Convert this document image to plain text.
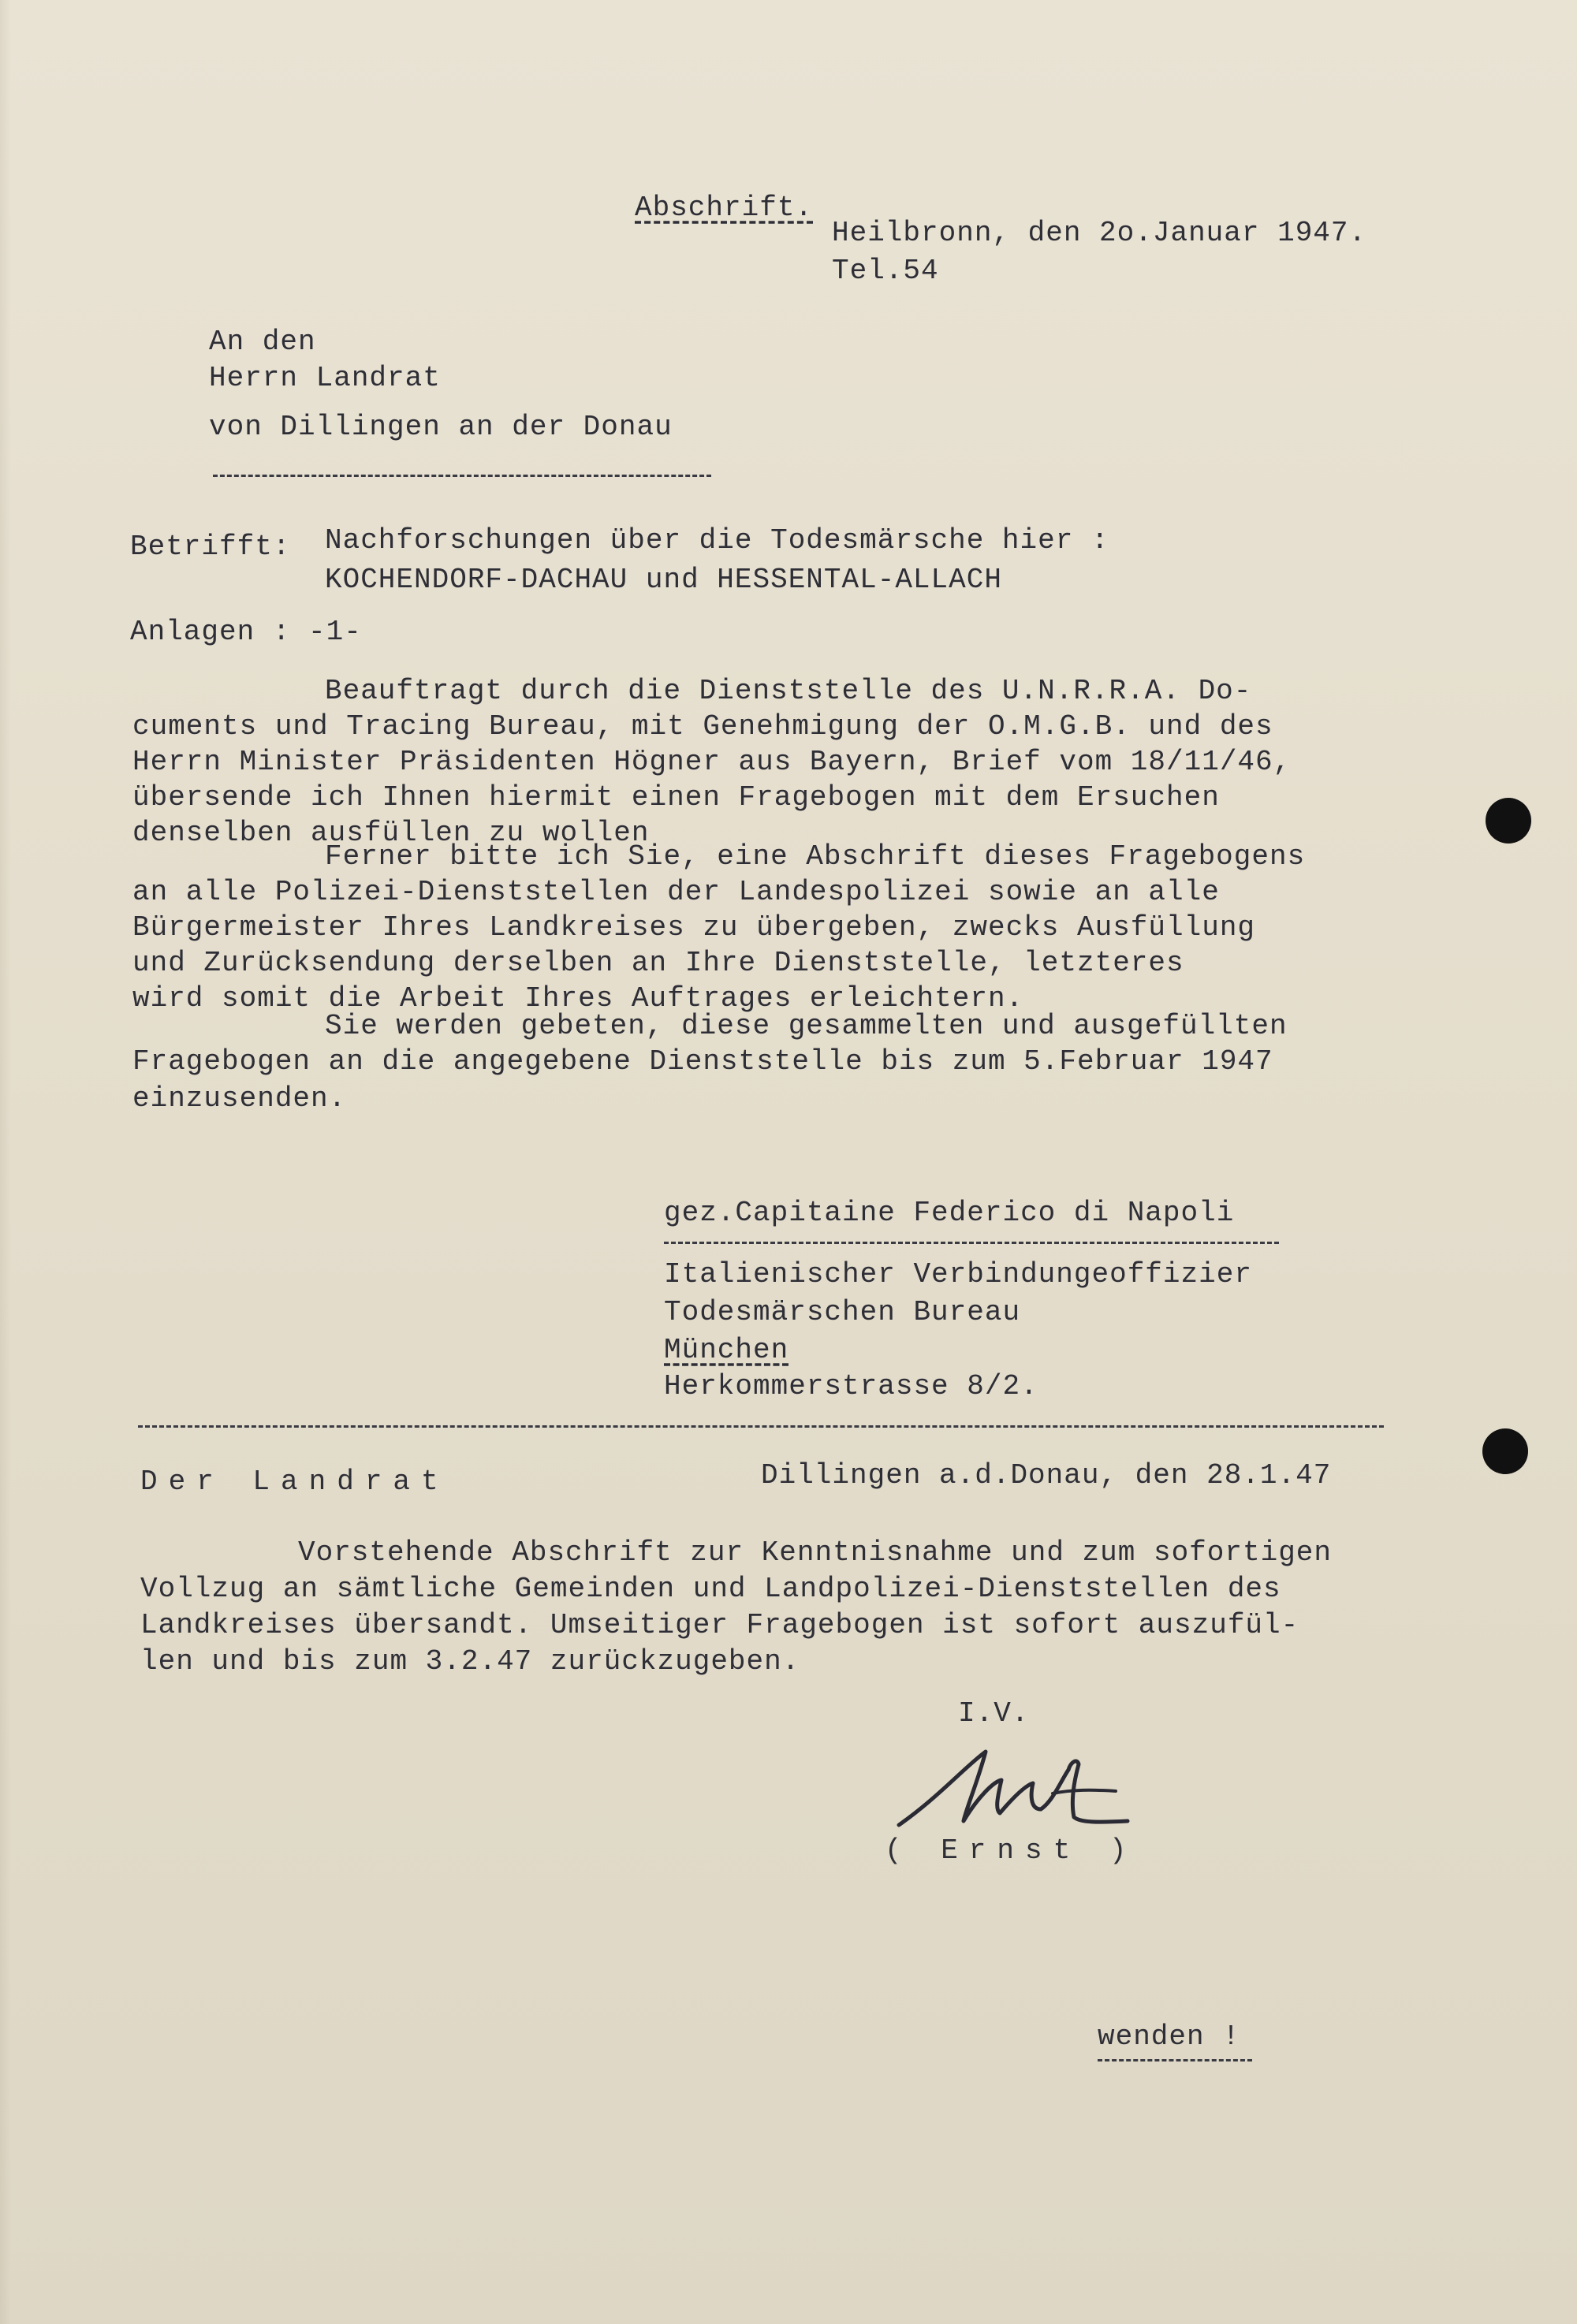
Abschrift.
Heilbronn, den 2o.Januar 1947.
Tel.54
An den
Herrn Landrat
von Dillingen an der Donau
Betrifft: Nachforschungen über die Todesmärsche hier :
KOCHENDORF-DACHAU und HESSENTAL-ALLACH
Anlagen : -1-
Beauftragt durch die Dienststelle des U.N.R.R.A. Do-
cuments und Tracing Bureau, mit Genehmigung der O.M.G.B. und des
Herrn Minister Präsidenten Högner aus Bayern, Brief vom 18/11/46,
übersende ich Ihnen hiermit einen Fragebogen mit dem Ersuchen
denselben ausfüllen zu wollen
Ferner bitte ich Sie, eine Abschrift dieses Fragebogens
an alle Polizei-Dienststellen der Landespolizei sowie an alle
Bürgermeister Ihres Landkreises zu übergeben, zwecks Ausfüllung
und Zurücksendung derselben an Ihre Dienststelle, letzteres
wird somit die Arbeit Ihres Auftrages erleichtern.
Sie werden gebeten, diese gesammelten und ausgefüllten
Fragebogen an die angegebene Dienststelle bis zum 5.Februar 1947
einzusenden.
gez.Capitaine Federico di Napoli
Italienischer Verbindungeoffizier
Todesmärschen Bureau
München
Herkommerstrasse 8/2.
Der Landrat	Dillingen a.d.Donau, den 28.1.47
Vorstehende Abschrift zur Kenntnisnahme und zum sofortigen
Vollzug an sämtliche Gemeinden und Landpolizei-Dienststellen des
Landkreises übersandt. Umseitiger Fragebogen ist sofort auszufül-
len und bis zum 3.2.47 zurückzugeben.
I.V.
( Ernst )
wenden !
